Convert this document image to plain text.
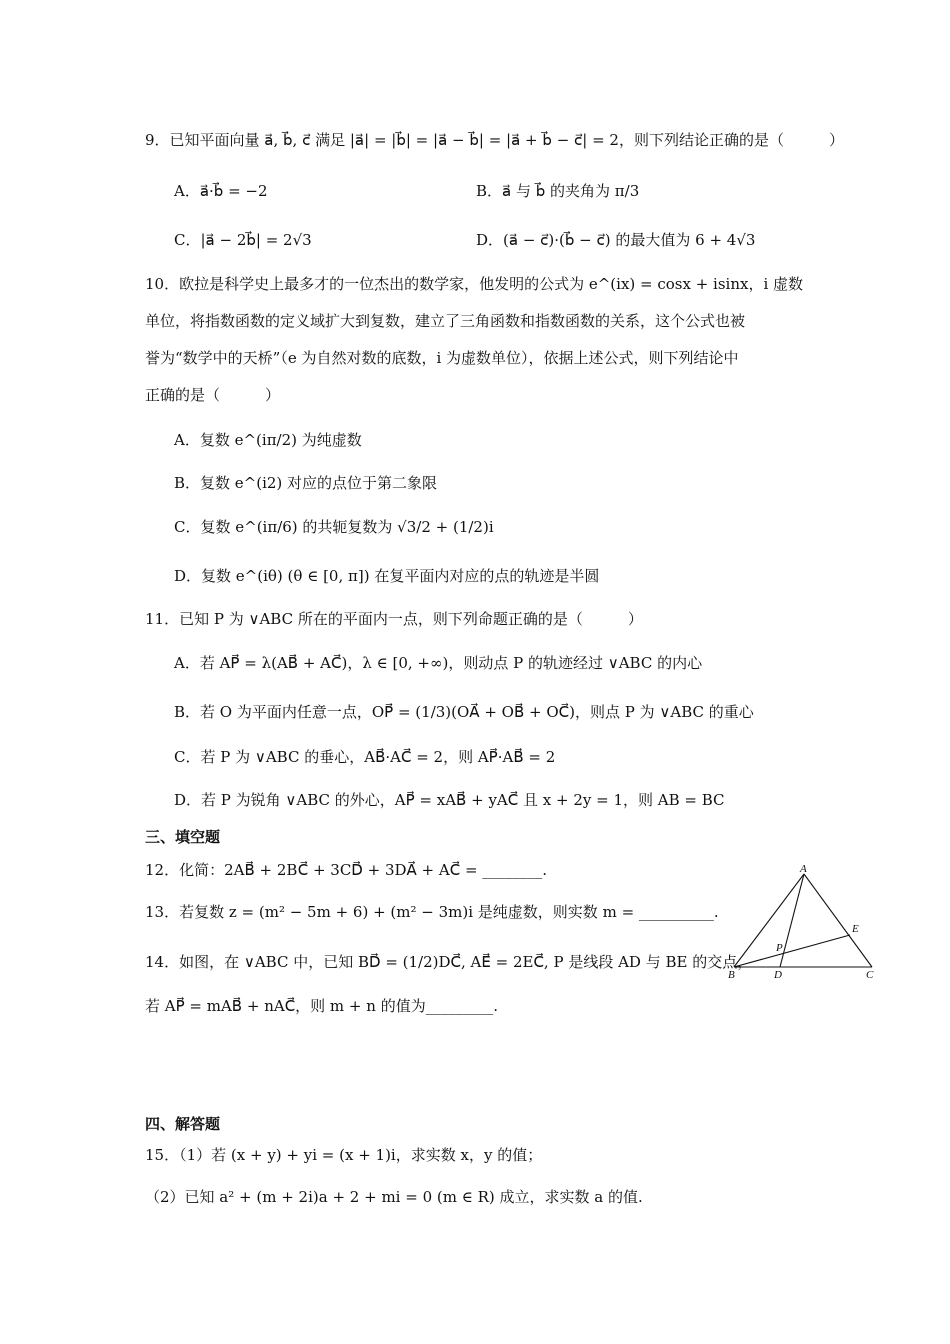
9．已知平面向量 a⃗, b⃗, c⃗ 满足 |a⃗| = |b⃗| = |a⃗ − b⃗| = |a⃗ + b⃗ − c⃗| = 2，则下列结论正确的是（　　　）
A．a⃗·b⃗ = −2	B．a⃗ 与 b⃗ 的夹角为 π/3
C．|a⃗ − 2b⃗| = 2√3	D．(a⃗ − c⃗)·(b⃗ − c⃗) 的最大值为 6 + 4√3
10．欧拉是科学史上最多才的一位杰出的数学家，他发明的公式为 e^(ix) = cosx + isinx，i 虚数
单位，将指数函数的定义域扩大到复数，建立了三角函数和指数函数的关系，这个公式也被
誉为“数学中的天桥”（e 为自然对数的底数，i 为虚数单位），依据上述公式，则下列结论中
正确的是（　　　）
A．复数 e^(iπ/2) 为纯虚数
B．复数 e^(i2) 对应的点位于第二象限
C．复数 e^(iπ/6) 的共轭复数为 √3/2 + (1/2)i
D．复数 e^(iθ) (θ ∈ [0, π]) 在复平面内对应的点的轨迹是半圆
11．已知 P 为 ∨ABC 所在的平面内一点，则下列命题正确的是（　　　）
A．若 AP⃗ = λ(AB⃗ + AC⃗)，λ ∈ [0, +∞)，则动点 P 的轨迹经过 ∨ABC 的内心
B．若 O 为平面内任意一点，OP⃗ = (1/3)(OA⃗ + OB⃗ + OC⃗)，则点 P 为 ∨ABC 的重心
C．若 P 为 ∨ABC 的垂心，AB⃗·AC⃗ = 2，则 AP⃗·AB⃗ = 2
D．若 P 为锐角 ∨ABC 的外心，AP⃗ = xAB⃗ + yAC⃗ 且 x + 2y = 1，则 AB = BC
三、填空题
12．化简：2AB⃗ + 2BC⃗ + 3CD⃗ + 3DA⃗ + AC⃗ = ________.
13．若复数 z = (m² − 5m + 6) + (m² − 3m)i 是纯虚数，则实数 m = __________.
14．如图，在 ∨ABC 中，已知 BD⃗ = (1/2)DC⃗, AE⃗ = 2EC⃗, P 是线段 AD 与 BE 的交点，
若 AP⃗ = mAB⃗ + nAC⃗，则 m + n 的值为_________.
A
B	C
D
E
P
四、解答题
15．（1）若 (x + y) + yi = (x + 1)i，求实数 x，y 的值；
（2）已知 a² + (m + 2i)a + 2 + mi = 0 (m ∈ R) 成立，求实数 a 的值.
